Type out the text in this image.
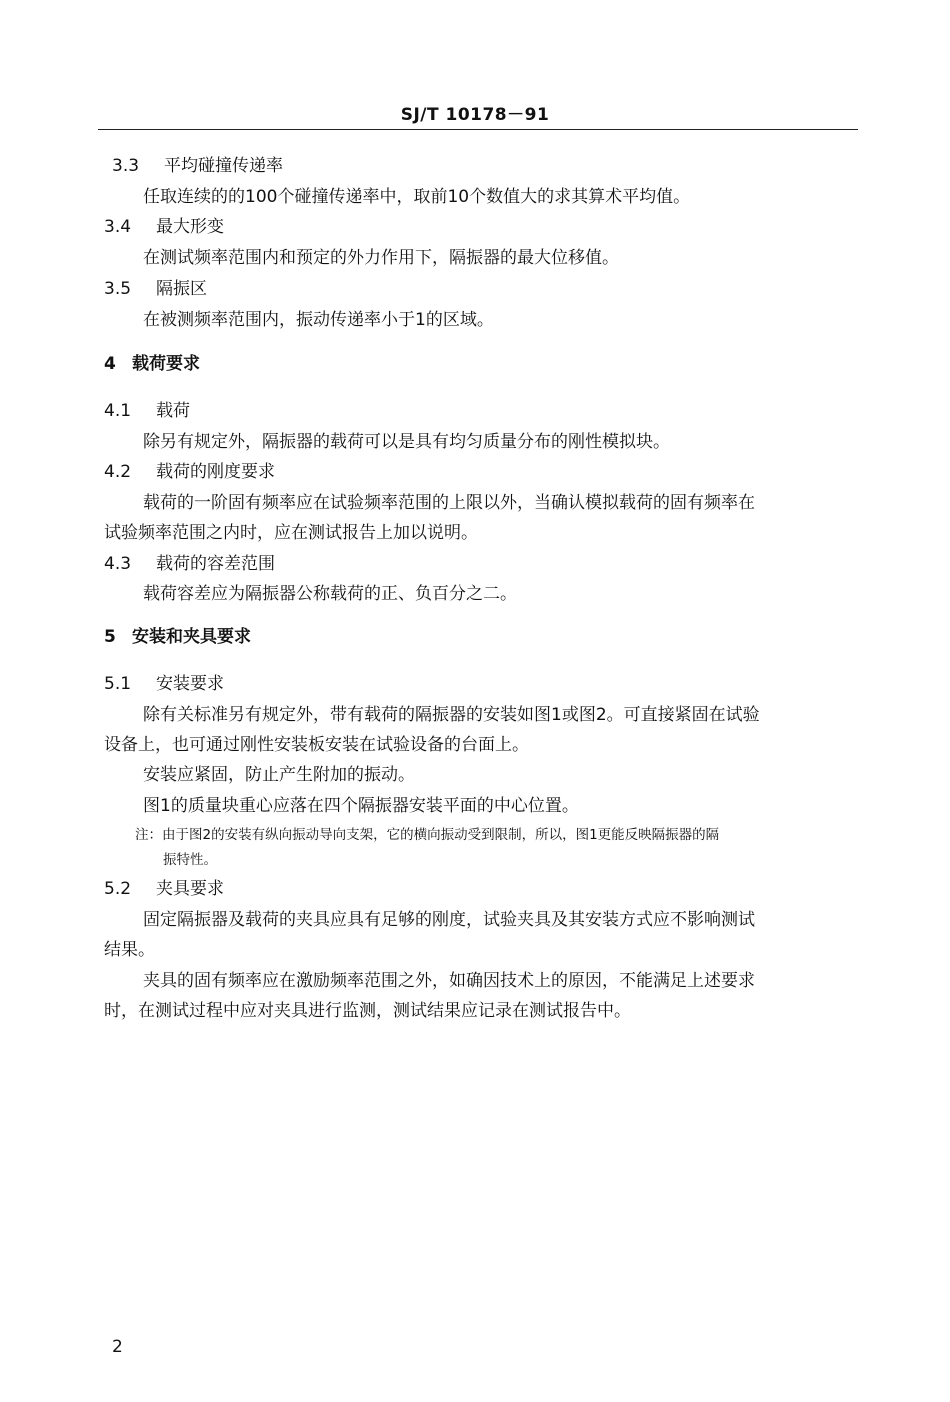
SJ/T 10178－91
3.3 平均碰撞传递率
任取连续的的100个碰撞传递率中，取前10个数值大的求其算术平均值。
3.4 最大形变
在测试频率范围内和预定的外力作用下，隔振器的最大位移值。
3.5 隔振区
在被测频率范围内，振动传递率小于1的区域。
4 载荷要求
4.1 载荷
除另有规定外，隔振器的载荷可以是具有均匀质量分布的刚性模拟块。
4.2 载荷的刚度要求
载荷的一阶固有频率应在试验频率范围的上限以外，当确认模拟载荷的固有频率在
试验频率范围之内时，应在测试报告上加以说明。
4.3 载荷的容差范围
载荷容差应为隔振器公称载荷的正、负百分之二。
5 安装和夹具要求
5.1 安装要求
除有关标准另有规定外，带有载荷的隔振器的安装如图1或图2。可直接紧固在试验
设备上，也可通过刚性安装板安装在试验设备的台面上。
安装应紧固，防止产生附加的振动。
图1的质量块重心应落在四个隔振器安装平面的中心位置。
注：由于图2的安装有纵向振动导向支架，它的横向振动受到限制，所以，图1更能反映隔振器的隔
振特性。
5.2 夹具要求
固定隔振器及载荷的夹具应具有足够的刚度，试验夹具及其安装方式应不影响测试
结果。
夹具的固有频率应在激励频率范围之外，如确因技术上的原因，不能满足上述要求
时，在测试过程中应对夹具进行监测，测试结果应记录在测试报告中。
2
